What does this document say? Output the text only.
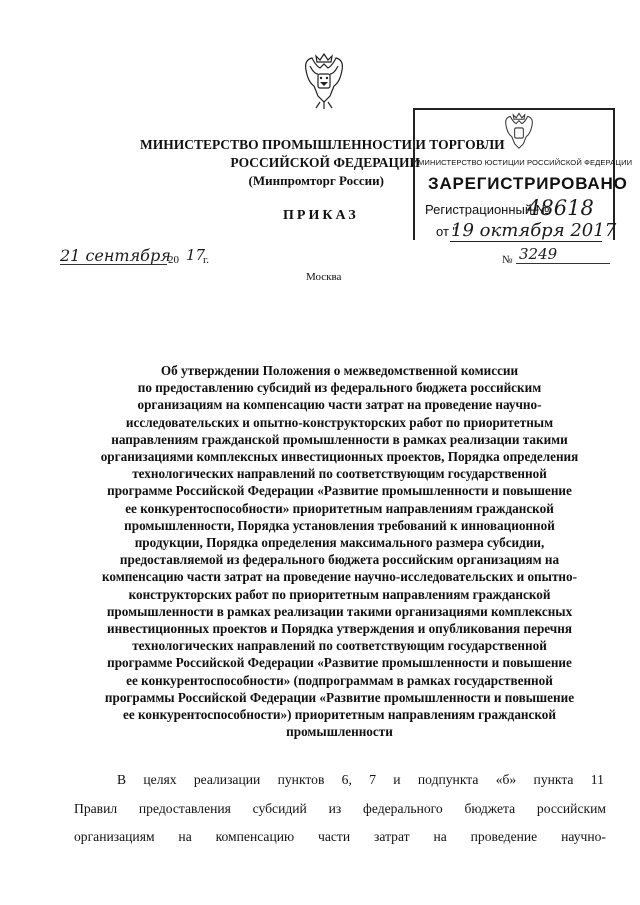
МИНИСТЕРСТВО ПРОМЫШЛЕННОСТИ И ТОРГОВЛИ
РОССИЙСКОЙ ФЕДЕРАЦИИ
(Минпромторг России)
МИНИСТЕРСТВО ЮСТИЦИИ РОССИЙСКОЙ ФЕДЕРАЦИИ
ЗАРЕГИСТРИРОВАНО
Регистрационный №
48618
от "
19 октября 2017
ПРИКАЗ
21 сентября
20 17
г.	№ 3249
Москва
Об утверждении Положения о межведомственной комиссии
по предоставлению субсидий из федерального бюджета российским
организациям на компенсацию части затрат на проведение научно-
исследовательских и опытно-конструкторских работ по приоритетным
направлениям гражданской промышленности в рамках реализации такими
организациями комплексных инвестиционных проектов, Порядка определения
технологических направлений по соответствующим государственной
программе Российской Федерации «Развитие промышленности и повышение
ее конкурентоспособности» приоритетным направлениям гражданской
промышленности, Порядка установления требований к инновационной
продукции, Порядка определения максимального размера субсидии,
предоставляемой из федерального бюджета российским организациям на
компенсацию части затрат на проведение научно-исследовательских и опытно-
конструкторских работ по приоритетным направлениям гражданской
промышленности в рамках реализации такими организациями комплексных
инвестиционных проектов и Порядка утверждения и опубликования перечня
технологических направлений по соответствующим государственной
программе Российской Федерации «Развитие промышленности и повышение
ее конкурентоспособности» (подпрограммам в рамках государственной
программы Российской Федерации «Развитие промышленности и повышение
ее конкурентоспособности») приоритетным направлениям гражданской
промышленности
В целях реализации пунктов 6, 7 и подпункта «б» пункта 11
Правил предоставления субсидий из федерального бюджета российским
организациям на компенсацию части затрат на проведение научно-
